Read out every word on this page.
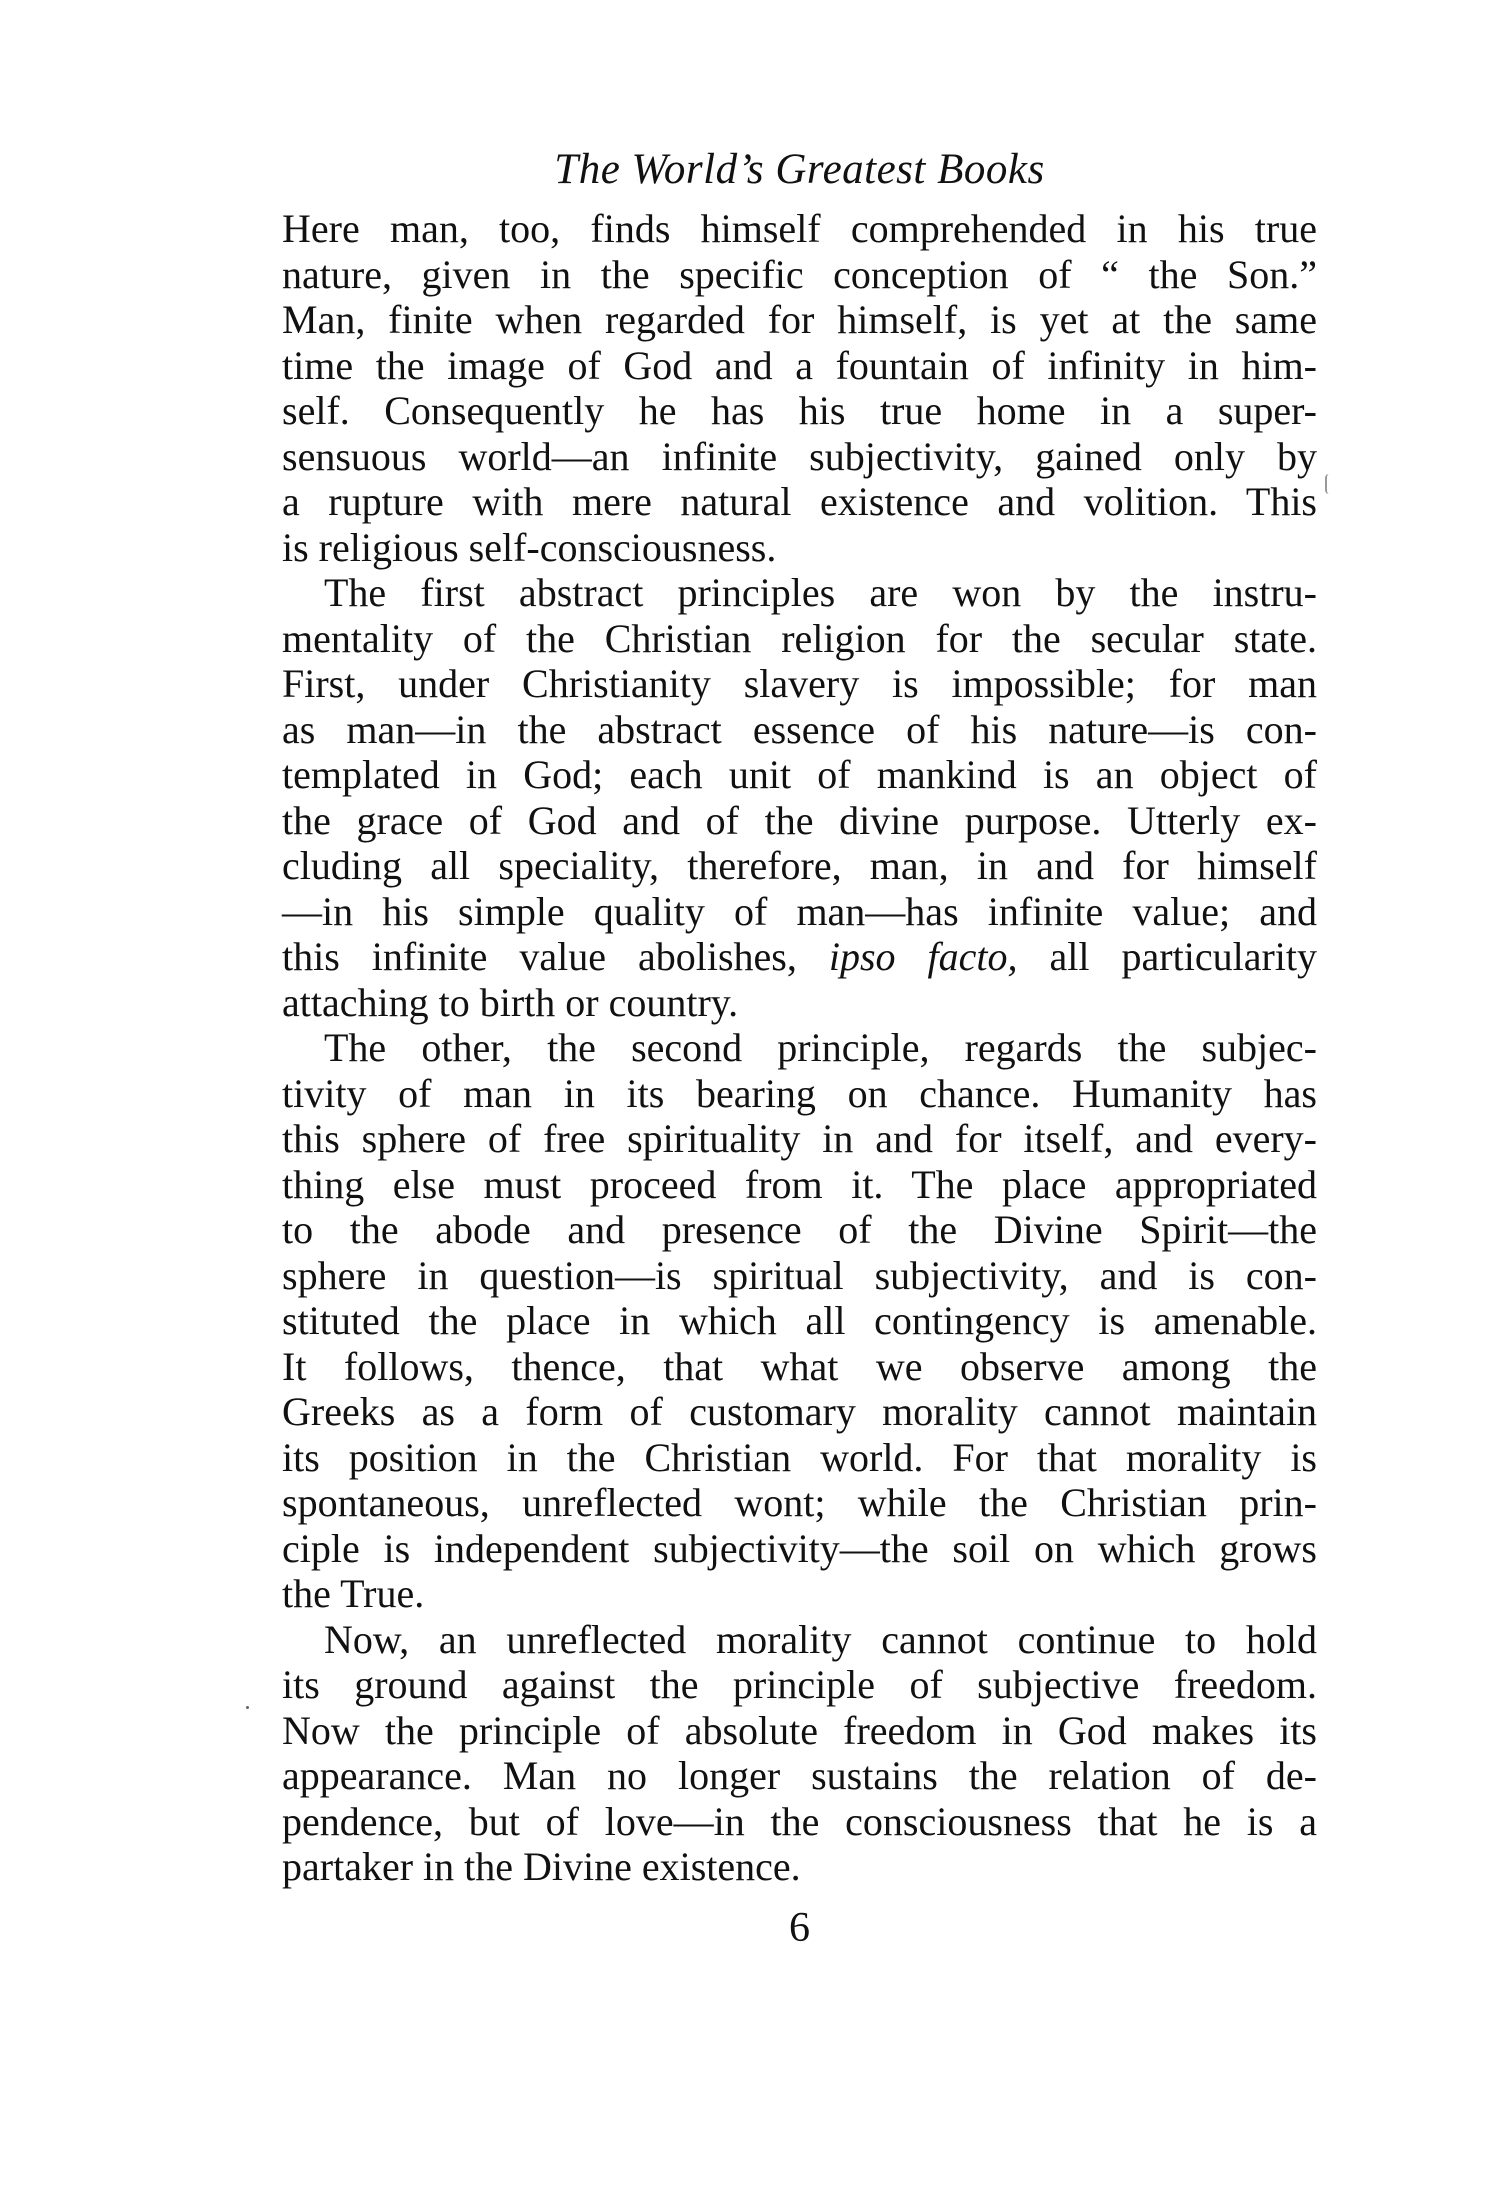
The World’s Greatest Books
Here man, too, finds himself comprehended in his true
nature, given in the specific conception of “ the Son.”
Man, finite when regarded for himself, is yet at the same
time the image of God and a fountain of infinity in him-
self. Consequently he has his true home in a super-
sensuous world—an infinite subjectivity, gained only by
a rupture with mere natural existence and volition. This
is religious self-consciousness.
The first abstract principles are won by the instru-
mentality of the Christian religion for the secular state.
First, under Christianity slavery is impossible; for man
as man—in the abstract essence of his nature—is con-
templated in God; each unit of mankind is an object of
the grace of God and of the divine purpose. Utterly ex-
cluding all speciality, therefore, man, in and for himself
—in his simple quality of man—has infinite value; and
this infinite value abolishes, ipso facto, all particularity
attaching to birth or country.
The other, the second principle, regards the subjec-
tivity of man in its bearing on chance. Humanity has
this sphere of free spirituality in and for itself, and every-
thing else must proceed from it. The place appropriated
to the abode and presence of the Divine Spirit—the
sphere in question—is spiritual subjectivity, and is con-
stituted the place in which all contingency is amenable.
It follows, thence, that what we observe among the
Greeks as a form of customary morality cannot maintain
its position in the Christian world. For that morality is
spontaneous, unreflected wont; while the Christian prin-
ciple is independent subjectivity—the soil on which grows
the True.
Now, an unreflected morality cannot continue to hold
its ground against the principle of subjective freedom.
Now the principle of absolute freedom in God makes its
appearance. Man no longer sustains the relation of de-
pendence, but of love—in the consciousness that he is a
partaker in the Divine existence.
6
